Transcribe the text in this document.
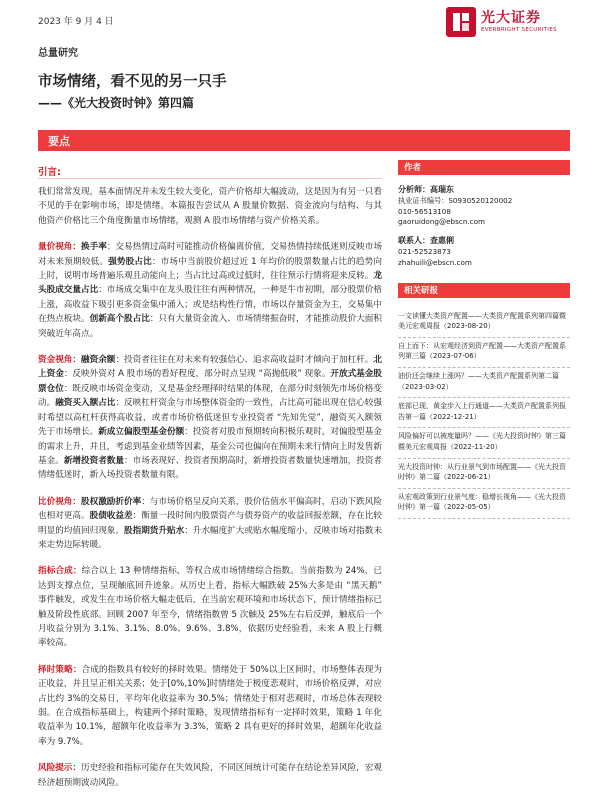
2023 年 9 月 4 日	光大证券
EVERBRIGHT SECURITIES
总量研究
市场情绪，看不见的另一只手
——《光大投资时钟》第四篇
要点

引言:

我们常常发现，基本面情况并未发生较大变化，资产价格却大幅波动，这是因为有另一只看不见的手在影响市场，即是情绪。本篇报告尝试从 A 股量价数据、资金流向与结构、与其他资产价格比三个角度衡量市场情绪，观测 A 股市场情绪与资产价格关系。

量价视角：换手率：交易热情过高时可能推动价格偏离价值，交易热情持续低迷则反映市场对未来预期较低。强势股占比：市场中当前股价超过近 1 年均价的股票数量占比的趋势向上时，说明市场普遍乐观且动能向上；当占比过高或过低时，往往预示行情将迎来反转。龙头股成交量占比：市场成交集中在龙头股往往有两种情况，一种是牛市初期，部分股票价格上涨，高收益下吸引更多资金集中涌入；或是结构性行情，市场以存量资金为主，交易集中在热点板块。创新高个股占比：只有大量资金流入、市场情绪振奋时，才能推动股价大面积突破近年高点。

资金视角：融资余额：投资者往往在对未来有较强信心、追求高收益时才倾向于加杠杆。北上资金：反映外资对 A 股市场的看好程度，部分时点呈现 “高抛低吸” 现象。开放式基金股票仓位：既反映市场资金变动，又是基金经理择时结果的体现，在部分时刻领先市场价格变动。融资买入额占比：反映杠杆资金与市场整体资金的一致性，占比高可能出现在信心较强时希望以高杠杆获得高收益，或者市场价格低迷但专业投资者 “先知先觉”，融资买入额领先于市场增长。新成立偏股型基金份额：投资者对股市预期转向积极乐观时，对偏股型基金的需求上升，并且，考虑到基金业绩等因素，基金公司也偏向在预期未来行情向上时发售新基金。新增投资者数量：市场表现好、投资者预期高时，新增投资者数量快速增加，投资者情绪低迷时，新入场投资者数量有限。

比价视角：股权激励折价率：与市场价格呈反向关系，股价估值水平偏高时，启动下跌风险也相对更高。股债收益差：衡量一段时间内股票资产与债券资产的收益回报差额，存在比较明显的均值回归现象。股指期货升贴水：升水幅度扩大或贴水幅度缩小，反映市场对指数未来走势边际转暖。

指标合成：综合以上 13 种情绪指标，等权合成市场情绪综合指数。当前指数为 24%，已达到支撑点位，呈现触底回升迹象。从历史上看，指标大幅跌破 25%大多是由 “黑天鹅” 事件触发，或发生在市场价格大幅走低后，在当前宏观环境和市场状态下，预计情绪指标已触及阶段性底部。回顾 2007 年至今，情绪指数曾 5 次触及 25%左右后反弹，触底后一个月收益分别为 3.1%、3.1%、8.0%、9.6%、3.8%，依据历史经验看，未来 A 股上行概率较高。

择时策略：合成的指数具有较好的择时效果。情绪处于 50%以上区间时，市场整体表现为正收益，并且呈正相关关系；处于[0%,10%]时情绪处于极度悲观时，市场价格反弹，对应占比约 3%的交易日，平均年化收益率为 30.5%；情绪处于相对悲观时，市场总体表现较弱。在合成指标基础上，构建两个择时策略，发现情绪指标有一定择时效果，策略 1 年化收益率为 10.1%，超额年化收益率为 3.3%，策略 2 具有更好的择时效果，超额年化收益率为 9.7%。

风险提示：历史经验和指标可能存在失效风险，不同区间统计可能存在结论差异风险，宏观经济超预期波动风险。

作者
分析师：高瑞东
执业证书编号：S0930520120002
010-56513108
gaoruidong@ebscn.com
联系人：查惠俐
021-52523873
zhahuili@ebscn.com
相关研报
一文读懂大类资产配置——大类资产配置系列第四篇暨美元宏观周报（2023-08-20）
自上而下：从宏观经济到资产配置——大类资产配置系列第三篇（2023-07-06）
油价还会继续上涨吗？——大类资产配置系列第二篇（2023-03-02）
底部已现，黄金步入上行通道——大类资产配置系列报告第一篇（2022-12-21）
风险偏好可以被度量吗？——《光大投资时钟》第三篇暨美元宏观周报（2022-11-20）
光大投资时钟：从行业景气到市场配置——《光大投资时钟》第二篇（2022-06-21）
从宏观政策到行业景气度：稳增长视角——《光大投资时钟》第一篇（2022-05-05）
